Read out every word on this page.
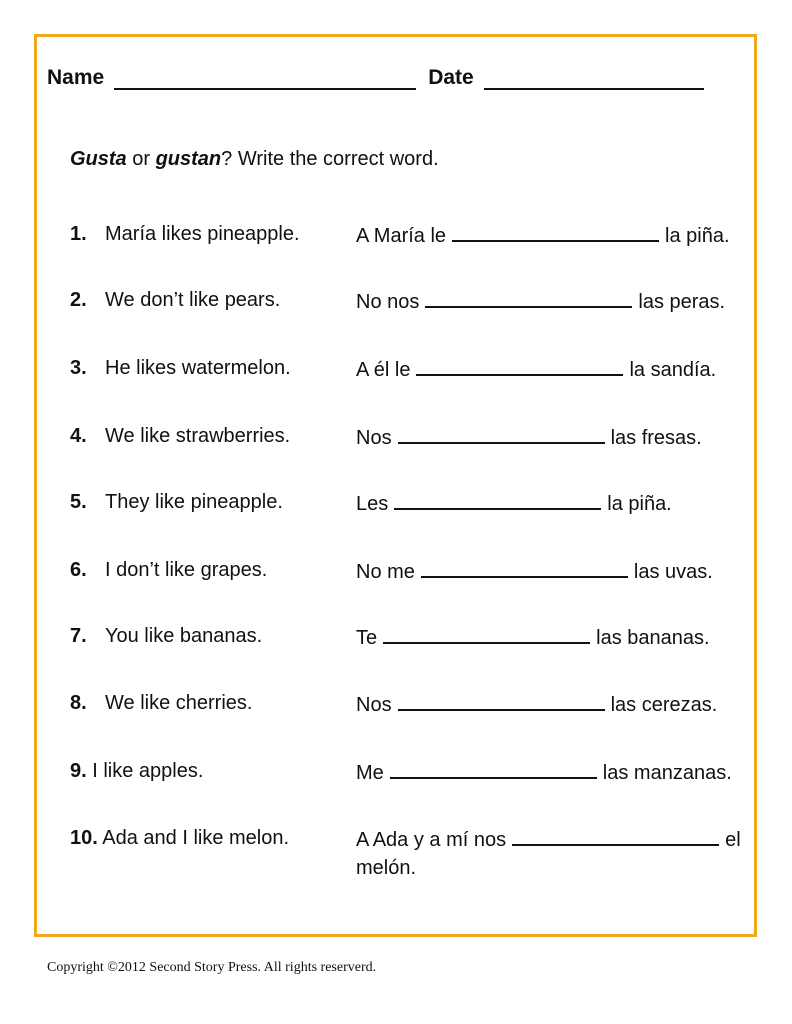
Name	Date
Gusta or gustan? Write the correct word.
1. María likes pineapple.	A María le	la piña.
2. We don’t like pears.	No nos	las peras.
3. He likes watermelon.	A él le	la sandía.
4. We like strawberries.	Nos	las fresas.
5. They like pineapple.	Les	la piña.
6. I don’t like grapes.	No me	las uvas.
7. You like bananas.	Te	las bananas.
8. We like cherries.	Nos	las cerezas.
9. I like apples.	Me	las manzanas.
10. Ada and I like melon.	A Ada y a mí nos	el melón.
Copyright ©2012 Second Story Press. All rights reserverd.
